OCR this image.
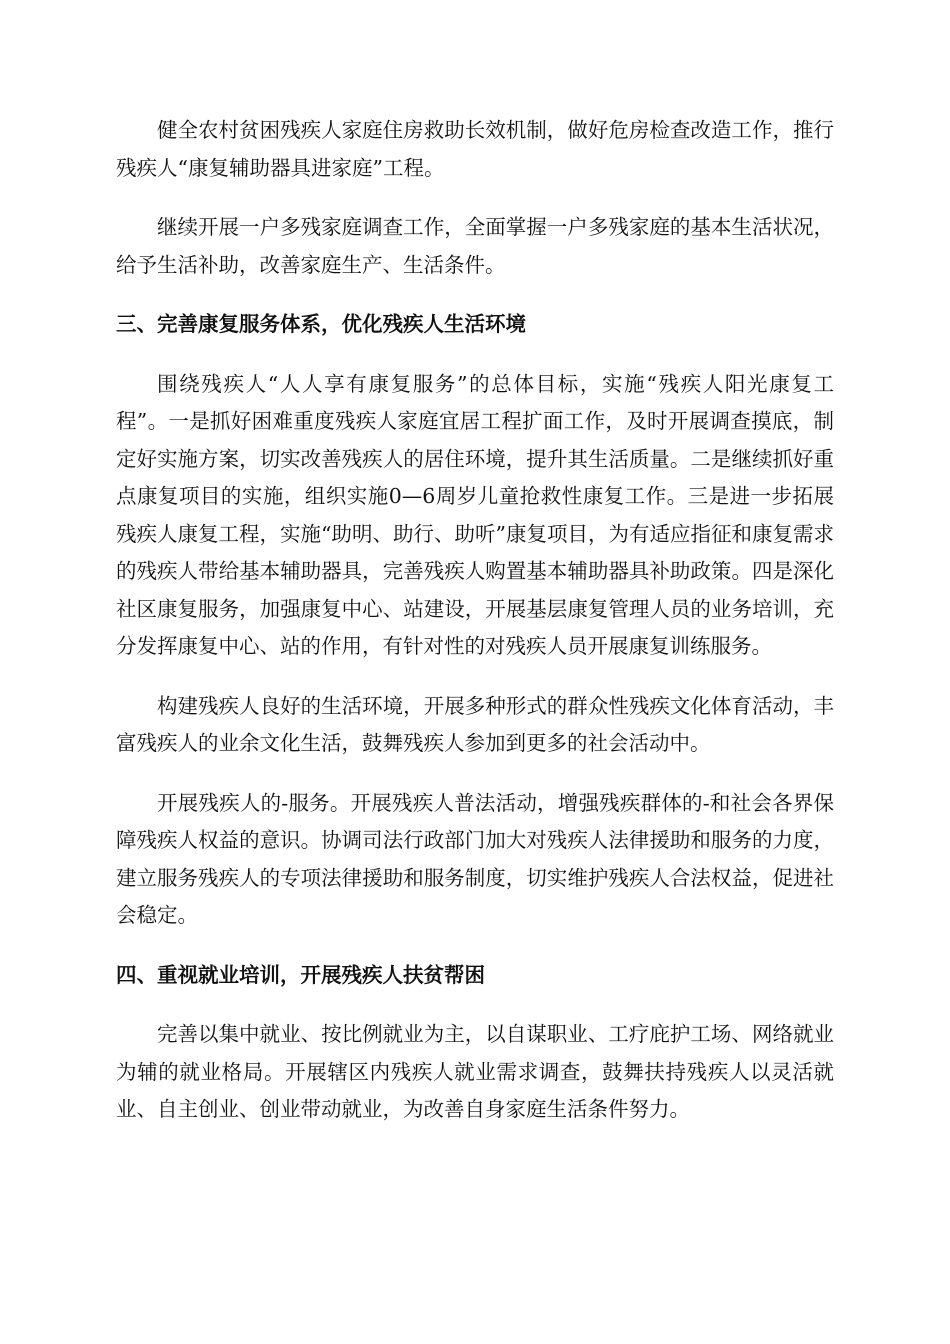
健全农村贫困残疾人家庭住房救助长效机制，做好危房检查改造工作，推行残疾人“康复辅助器具进家庭”工程。

继续开展一户多残家庭调查工作，全面掌握一户多残家庭的基本生活状况，给予生活补助，改善家庭生产、生活条件。

三、完善康复服务体系，优化残疾人生活环境

围绕残疾人“人人享有康复服务”的总体目标，实施“残疾人阳光康复工程”。一是抓好困难重度残疾人家庭宜居工程扩面工作，及时开展调查摸底，制定好实施方案，切实改善残疾人的居住环境，提升其生活质量。二是继续抓好重点康复项目的实施，组织实施0—6周岁儿童抢救性康复工作。三是进一步拓展残疾人康复工程，实施“助明、助行、助听”康复项目，为有适应指征和康复需求的残疾人带给基本辅助器具，完善残疾人购置基本辅助器具补助政策。四是深化社区康复服务，加强康复中心、站建设，开展基层康复管理人员的业务培训，充分发挥康复中心、站的作用，有针对性的对残疾人员开展康复训练服务。

构建残疾人良好的生活环境，开展多种形式的群众性残疾文化体育活动，丰富残疾人的业余文化生活，鼓舞残疾人参加到更多的社会活动中。

开展残疾人的-服务。开展残疾人普法活动，增强残疾群体的-和社会各界保障残疾人权益的意识。协调司法行政部门加大对残疾人法律援助和服务的力度，建立服务残疾人的专项法律援助和服务制度，切实维护残疾人合法权益，促进社会稳定。

四、重视就业培训，开展残疾人扶贫帮困

完善以集中就业、按比例就业为主，以自谋职业、工疗庇护工场、网络就业为辅的就业格局。开展辖区内残疾人就业需求调查，鼓舞扶持残疾人以灵活就业、自主创业、创业带动就业，为改善自身家庭生活条件努力。
